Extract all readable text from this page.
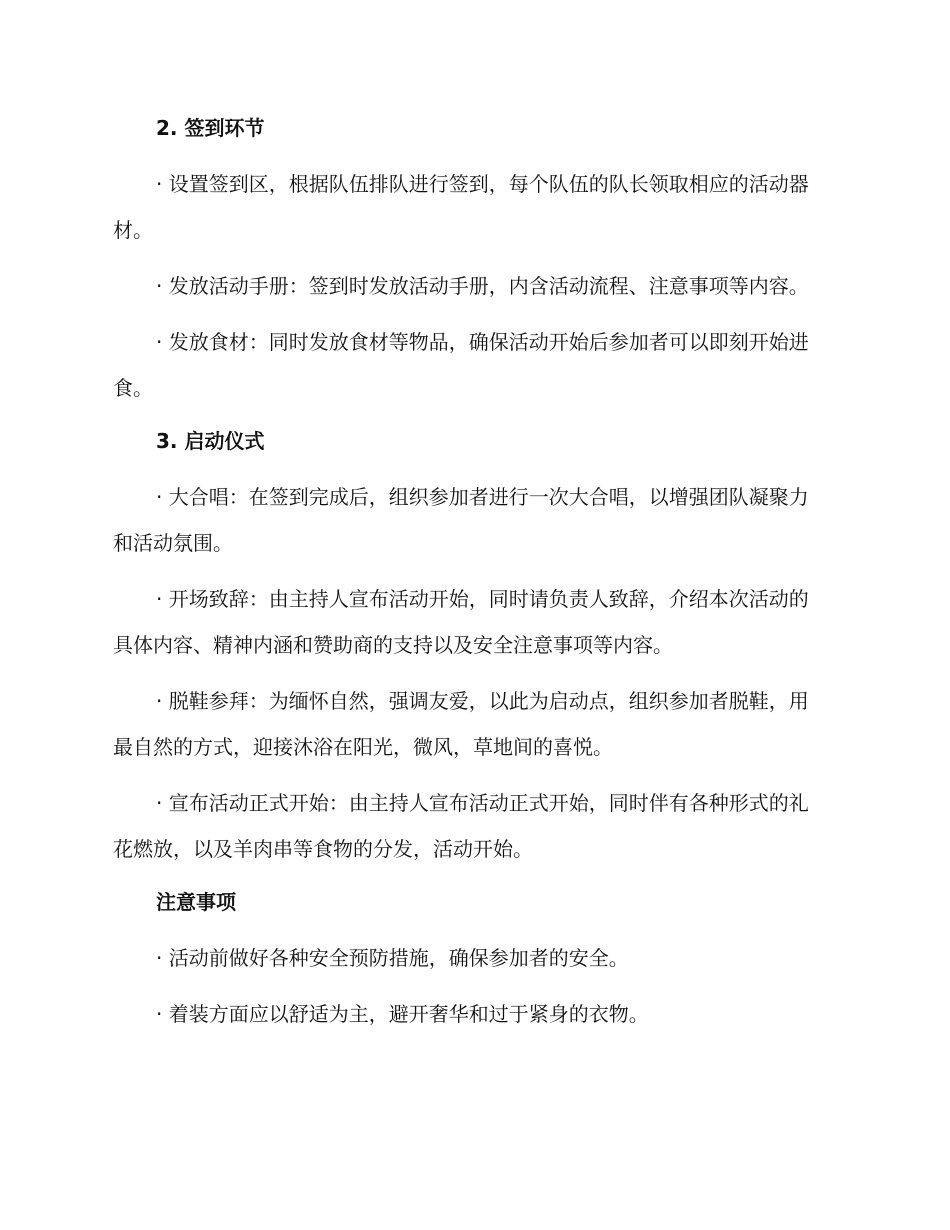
2. 签到环节
· 设置签到区，根据队伍排队进行签到，每个队伍的队长领取相应的活动器材。
· 发放活动手册：签到时发放活动手册，内含活动流程、注意事项等内容。
· 发放食材：同时发放食材等物品，确保活动开始后参加者可以即刻开始进食。
3. 启动仪式
· 大合唱：在签到完成后，组织参加者进行一次大合唱，以增强团队凝聚力和活动氛围。
· 开场致辞：由主持人宣布活动开始，同时请负责人致辞，介绍本次活动的具体内容、精神内涵和赞助商的支持以及安全注意事项等内容。
· 脱鞋参拜：为缅怀自然，强调友爱，以此为启动点，组织参加者脱鞋，用最自然的方式，迎接沐浴在阳光，微风，草地间的喜悦。
· 宣布活动正式开始：由主持人宣布活动正式开始，同时伴有各种形式的礼花燃放，以及羊肉串等食物的分发，活动开始。
注意事项
· 活动前做好各种安全预防措施，确保参加者的安全。
· 着装方面应以舒适为主，避开奢华和过于紧身的衣物。
